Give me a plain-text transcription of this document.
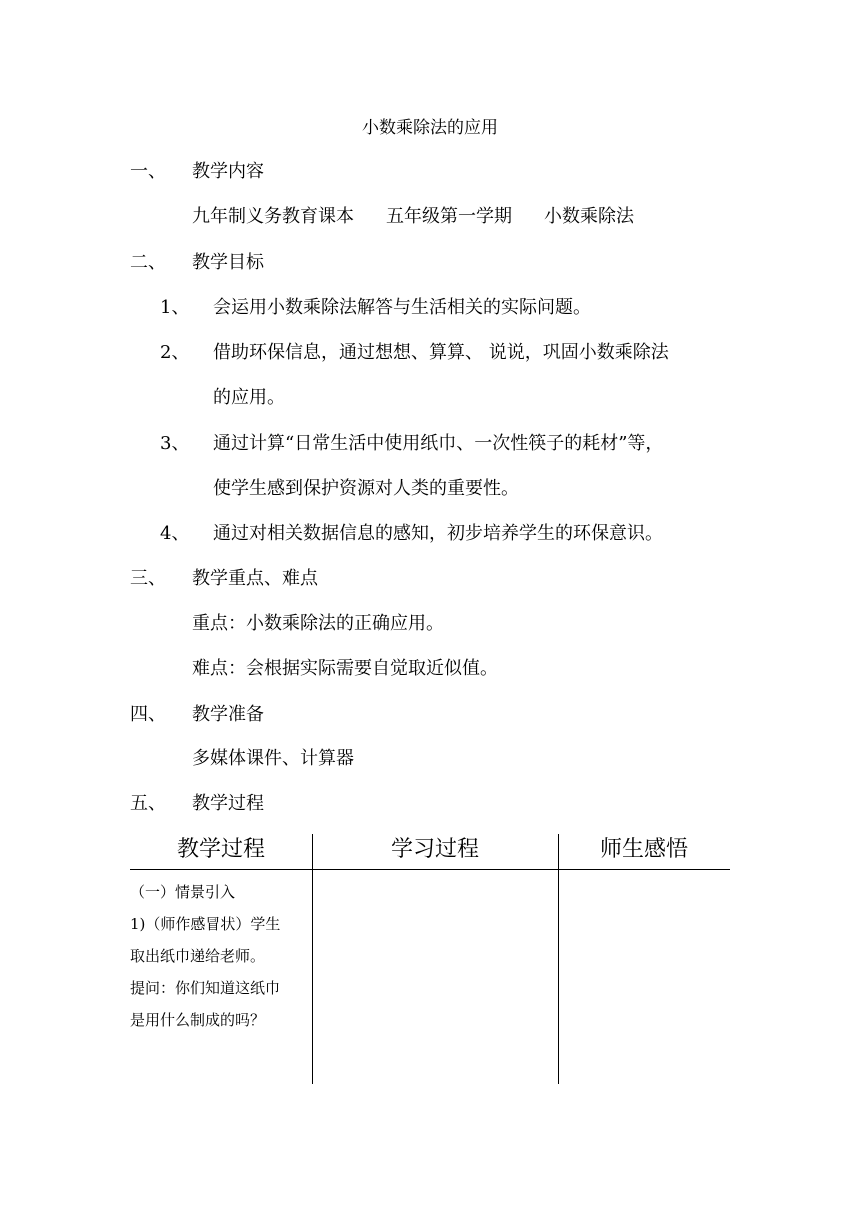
小数乘除法的应用
一、 教学内容
九年制义务教育课本 五年级第一学期 小数乘除法
二、 教学目标
1、 会运用小数乘除法解答与生活相关的实际问题。
2、 借助环保信息，通过想想、算算、 说说，巩固小数乘除法
的应用。
3、 通过计算“日常生活中使用纸巾、一次性筷子的耗材”等，
使学生感到保护资源对人类的重要性。
4、 通过对相关数据信息的感知，初步培养学生的环保意识。
三、 教学重点、难点
重点：小数乘除法的正确应用。
难点：会根据实际需要自觉取近似值。
四、 教学准备
多媒体课件、计算器
五、 教学过程
教学过程	学习过程	师生感悟
（一）情景引入
1)（师作感冒状）学生
取出纸巾递给老师。
提问：你们知道这纸巾
是用什么制成的吗？
